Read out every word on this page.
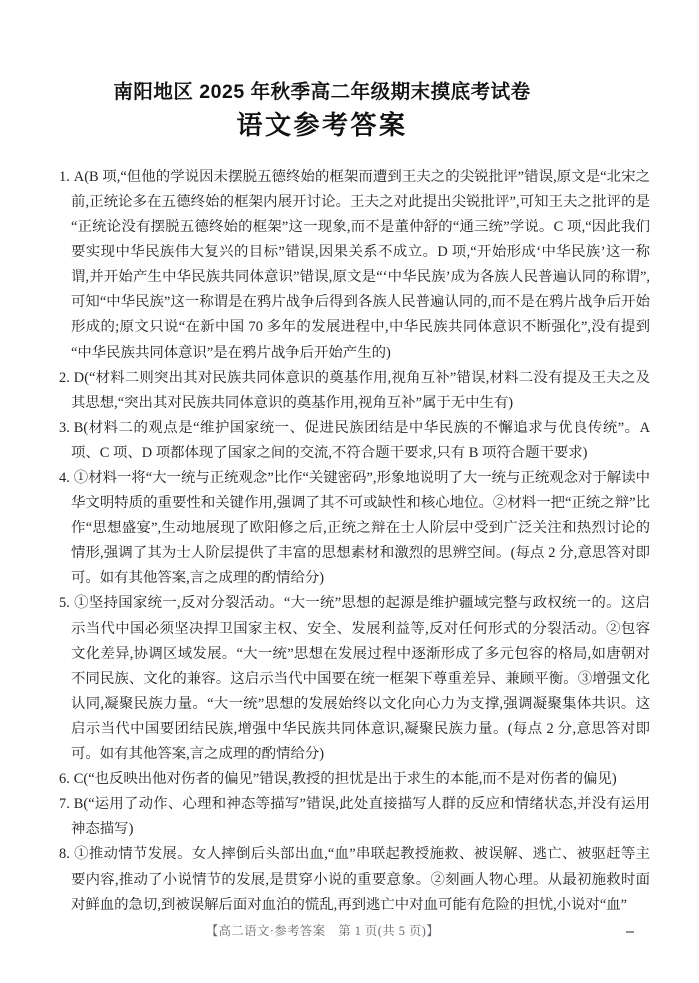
南阳地区 2025 年秋季高二年级期末摸底考试卷
语文参考答案

1. A(B 项,“但他的学说因未摆脱五德终始的框架而遭到王夫之的尖锐批评”错误,原文是“北宋之前,正统论多在五德终始的框架内展开讨论。王夫之对此提出尖锐批评”,可知王夫之批评的是“正统论没有摆脱五德终始的框架”这一现象,而不是董仲舒的“通三统”学说。C 项,“因此我们要实现中华民族伟大复兴的目标”错误,因果关系不成立。D 项,“开始形成‘中华民族’这一称谓,并开始产生中华民族共同体意识”错误,原文是“‘中华民族’成为各族人民普遍认同的称谓”,可知“中华民族”这一称谓是在鸦片战争后得到各族人民普遍认同的,而不是在鸦片战争后开始形成的;原文只说“在新中国 70 多年的发展进程中,中华民族共同体意识不断强化”,没有提到“中华民族共同体意识”是在鸦片战争后开始产生的)

2. D(“材料二则突出其对民族共同体意识的奠基作用,视角互补”错误,材料二没有提及王夫之及其思想,“突出其对民族共同体意识的奠基作用,视角互补”属于无中生有)

3. B(材料二的观点是“维护国家统一、促进民族团结是中华民族的不懈追求与优良传统”。A 项、C 项、D 项都体现了国家之间的交流,不符合题干要求,只有 B 项符合题干要求)

4. ①材料一将“大一统与正统观念”比作“关键密码”,形象地说明了大一统与正统观念对于解读中华文明特质的重要性和关键作用,强调了其不可或缺性和核心地位。②材料一把“正统之辩”比作“思想盛宴”,生动地展现了欧阳修之后,正统之辩在士人阶层中受到广泛关注和热烈讨论的情形,强调了其为士人阶层提供了丰富的思想素材和激烈的思辨空间。(每点 2 分,意思答对即可。如有其他答案,言之成理的酌情给分)

5. ①坚持国家统一,反对分裂活动。“大一统”思想的起源是维护疆域完整与政权统一的。这启示当代中国必须坚决捍卫国家主权、安全、发展利益等,反对任何形式的分裂活动。②包容文化差异,协调区域发展。“大一统”思想在发展过程中逐渐形成了多元包容的格局,如唐朝对不同民族、文化的兼容。这启示当代中国要在统一框架下尊重差异、兼顾平衡。③增强文化认同,凝聚民族力量。“大一统”思想的发展始终以文化向心力为支撑,强调凝聚集体共识。这启示当代中国要团结民族,增强中华民族共同体意识,凝聚民族力量。(每点 2 分,意思答对即可。如有其他答案,言之成理的酌情给分)

6. C(“也反映出他对伤者的偏见”错误,教授的担忧是出于求生的本能,而不是对伤者的偏见)

7. B(“运用了动作、心理和神态等描写”错误,此处直接描写人群的反应和情绪状态,并没有运用神态描写)

8. ①推动情节发展。女人摔倒后头部出血,“血”串联起教授施救、被误解、逃亡、被驱赶等主要内容,推动了小说情节的发展,是贯穿小说的重要意象。②刻画人物心理。从最初施救时面对鲜血的急切,到被误解后面对血泊的慌乱,再到逃亡中对血可能有危险的担忧,小说对“血”

【高二语文·参考答案　第 1 页(共 5 页)】
